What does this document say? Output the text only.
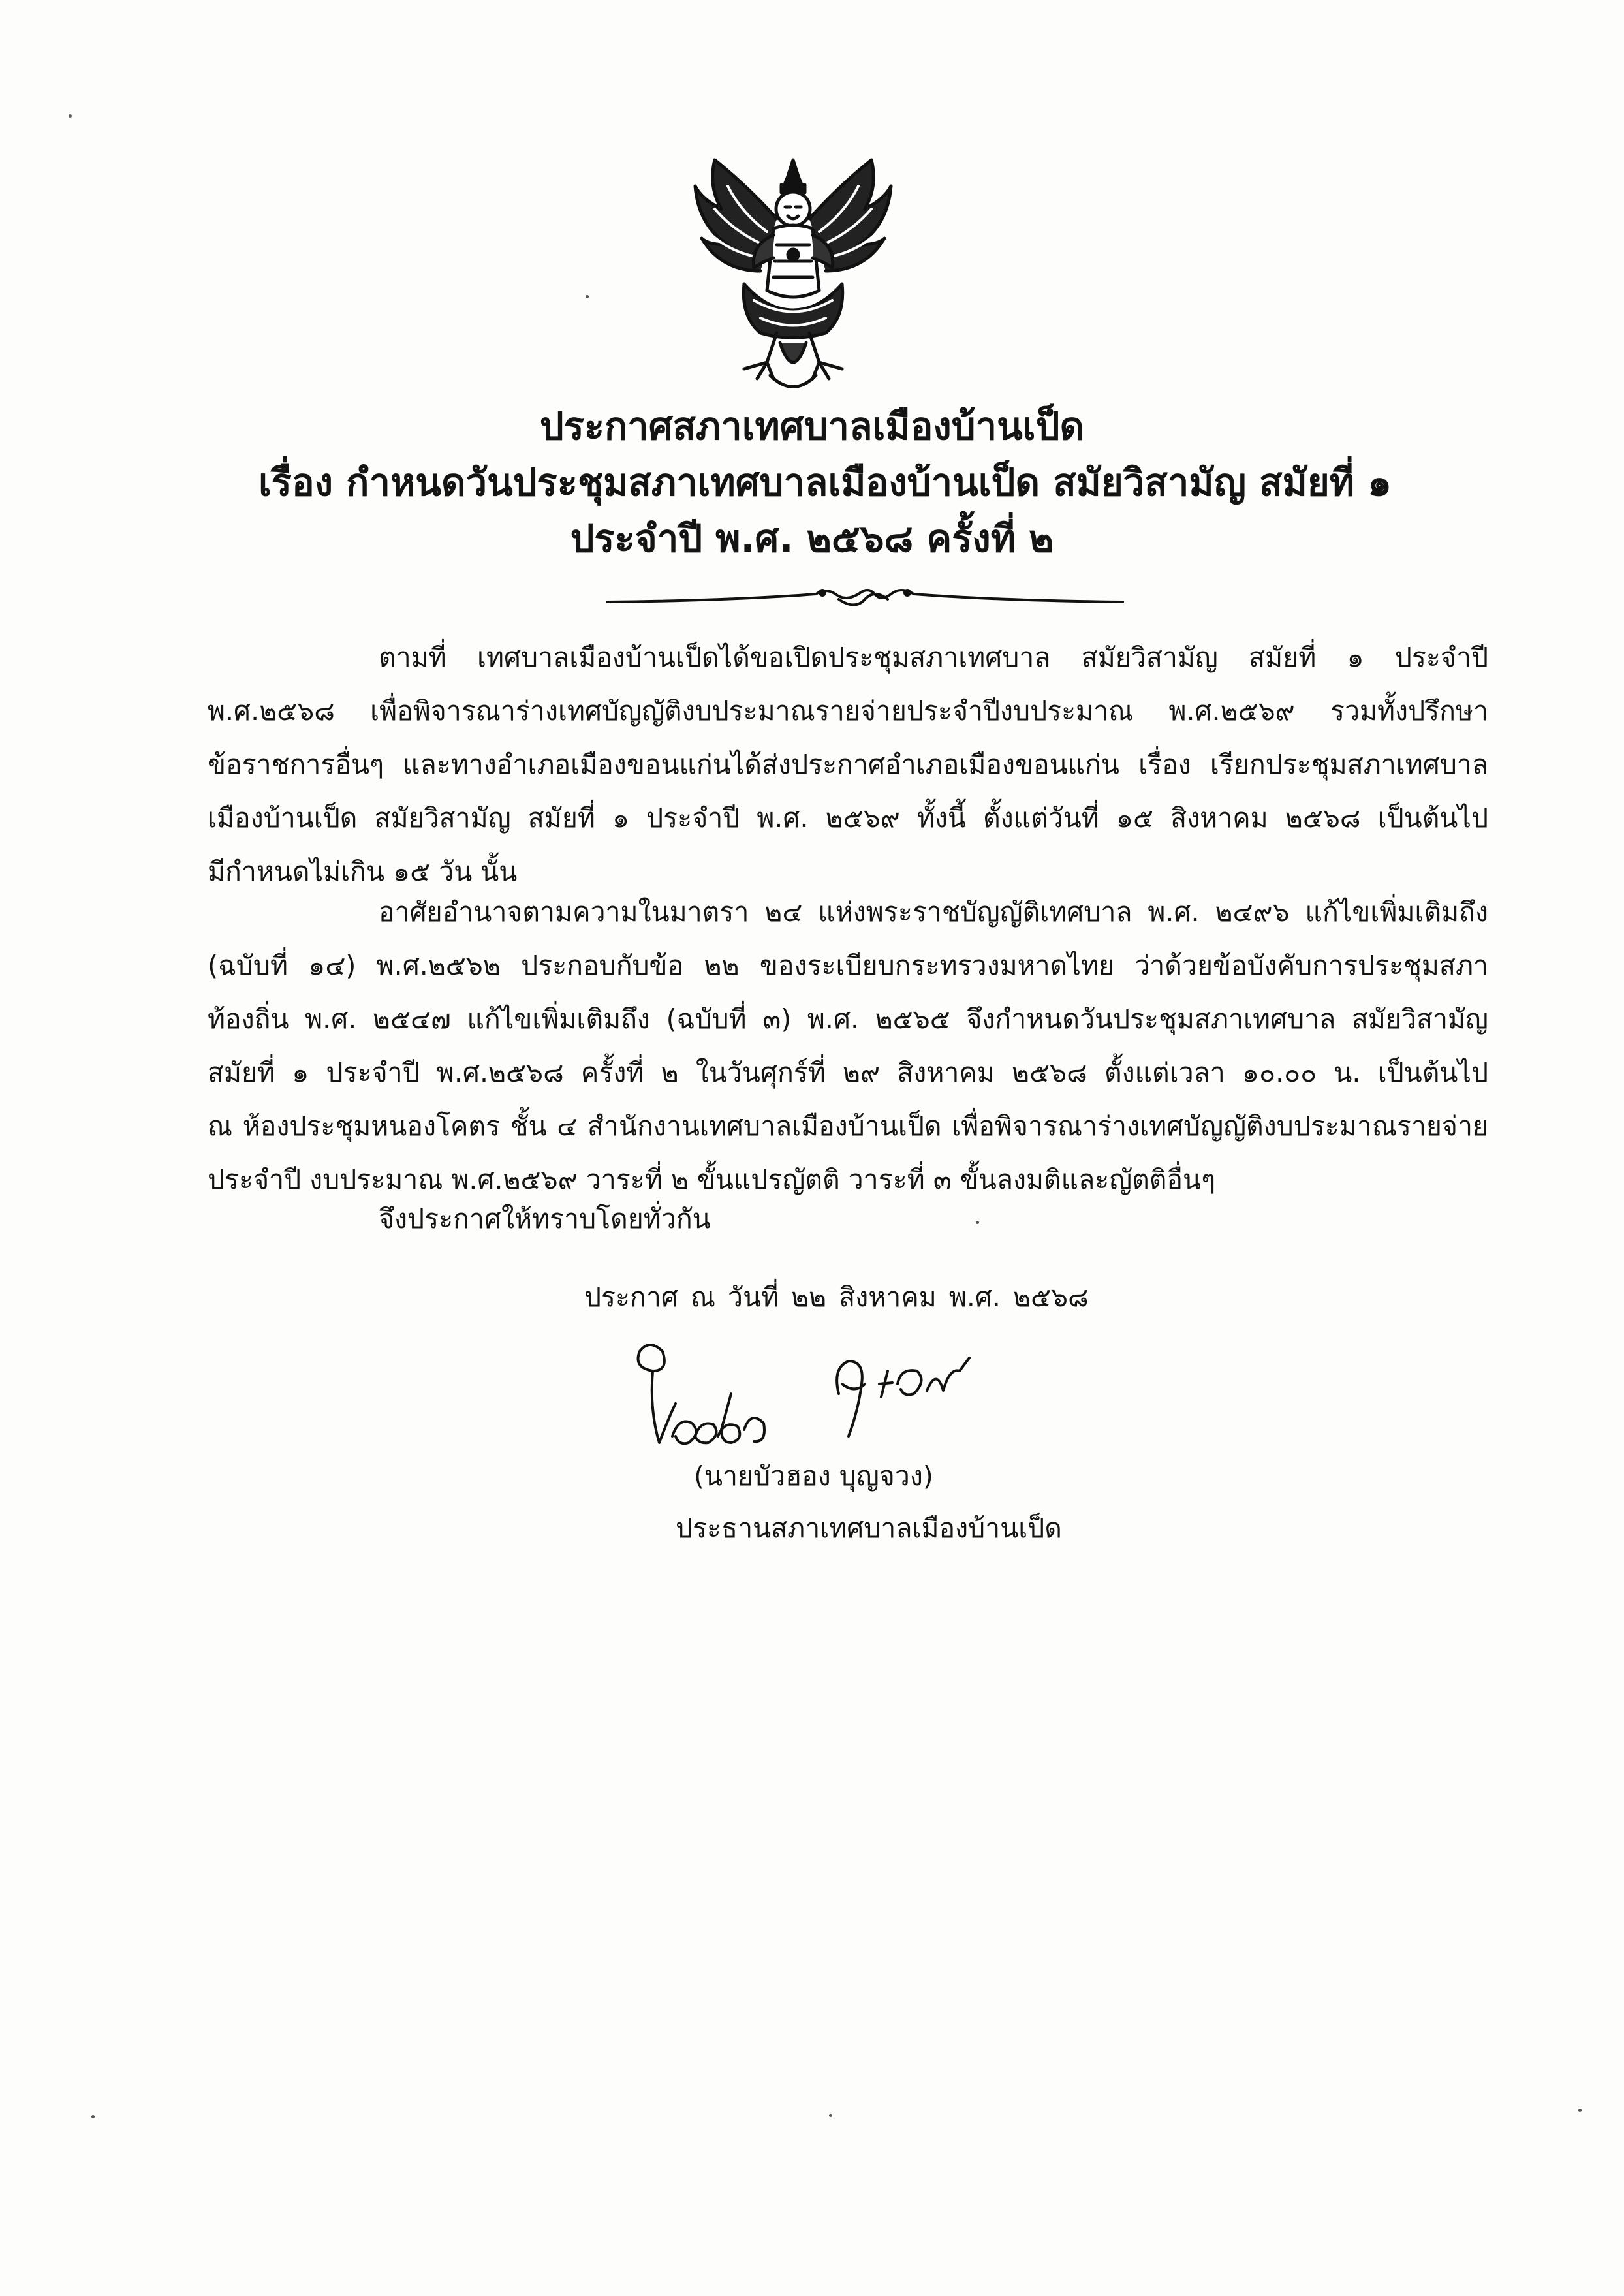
ประกาศสภาเทศบาลเมืองบ้านเป็ด
เรื่อง กำหนดวันประชุมสภาเทศบาลเมืองบ้านเป็ด สมัยวิสามัญ สมัยที่ ๑
ประจำปี พ.ศ. ๒๕๖๘ ครั้งที่ ๒
ตามที่ เทศบาลเมืองบ้านเป็ดได้ขอเปิดประชุมสภาเทศบาล สมัยวิสามัญ สมัยที่ ๑ ประจำปี
พ.ศ.๒๕๖๘ เพื่อพิจารณาร่างเทศบัญญัติงบประมาณรายจ่ายประจำปีงบประมาณ พ.ศ.๒๕๖๙ รวมทั้งปรึกษา
ข้อราชการอื่นๆ และทางอำเภอเมืองขอนแก่นได้ส่งประกาศอำเภอเมืองขอนแก่น เรื่อง เรียกประชุมสภาเทศบาล
เมืองบ้านเป็ด สมัยวิสามัญ สมัยที่ ๑ ประจำปี พ.ศ. ๒๕๖๙ ทั้งนี้ ตั้งแต่วันที่ ๑๕ สิงหาคม ๒๕๖๘ เป็นต้นไป
มีกำหนดไม่เกิน ๑๕ วัน นั้น
อาศัยอำนาจตามความในมาตรา ๒๔ แห่งพระราชบัญญัติเทศบาล พ.ศ. ๒๔๙๖ แก้ไขเพิ่มเติมถึง
(ฉบับที่ ๑๔) พ.ศ.๒๕๖๒ ประกอบกับข้อ ๒๒ ของระเบียบกระทรวงมหาดไทย ว่าด้วยข้อบังคับการประชุมสภา
ท้องถิ่น พ.ศ. ๒๕๔๗ แก้ไขเพิ่มเติมถึง (ฉบับที่ ๓) พ.ศ. ๒๕๖๕ จึงกำหนดวันประชุมสภาเทศบาล สมัยวิสามัญ
สมัยที่ ๑ ประจำปี พ.ศ.๒๕๖๘ ครั้งที่ ๒ ในวันศุกร์ที่ ๒๙ สิงหาคม ๒๕๖๘ ตั้งแต่เวลา ๑๐.๐๐ น. เป็นต้นไป
ณ ห้องประชุมหนองโคตร ชั้น ๔ สำนักงานเทศบาลเมืองบ้านเป็ด เพื่อพิจารณาร่างเทศบัญญัติงบประมาณรายจ่าย
ประจำปี งบประมาณ พ.ศ.๒๕๖๙ วาระที่ ๒ ขั้นแปรญัตติ วาระที่ ๓ ขั้นลงมติและญัตติอื่นๆ
จึงประกาศให้ทราบโดยทั่วกัน
ประกาศ ณ วันที่ ๒๒ สิงหาคม พ.ศ. ๒๕๖๘
(นายบัวฮอง บุญจวง)
ประธานสภาเทศบาลเมืองบ้านเป็ด
